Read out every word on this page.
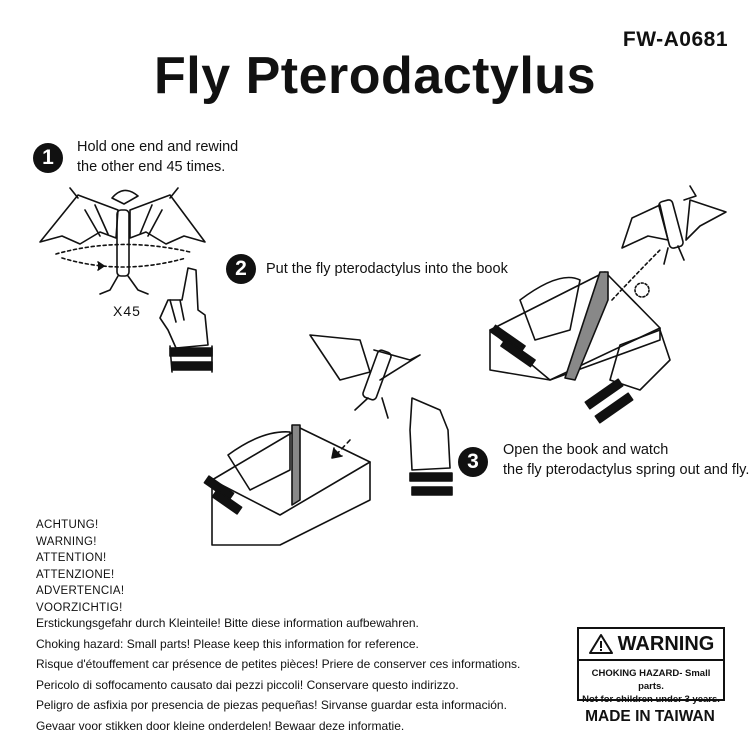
FW-A0681
Fly Pterodactylus
1	Hold one end and rewind
the other end 45 times.
2	Put the fly pterodactylus into the book
3	Open the book and watch
the fly pterodactylus spring out and fly.
X45
ACHTUNG!
WARNING!
ATTENTION!
ATTENZIONE!
ADVERTENCIA!
VOORZICHTIG!
Erstickungsgefahr durch Kleinteile! Bitte diese information aufbewahren.
Choking hazard: Small parts! Please keep this information for reference.
Risque d'étouffement car présence de petites pièces! Priere de conserver ces informations.
Pericolo di soffocamento causato dai pezzi piccoli! Conservare questo indirizzo.
Peligro de asfixia por presencia de piezas pequeñas! Sirvanse guardar esta información.
Gevaar voor stikken door kleine onderdelen! Bewaar deze informatie.
WARNING
CHOKING HAZARD- Small parts.
Not for children under 3 years.
MADE IN TAIWAN
